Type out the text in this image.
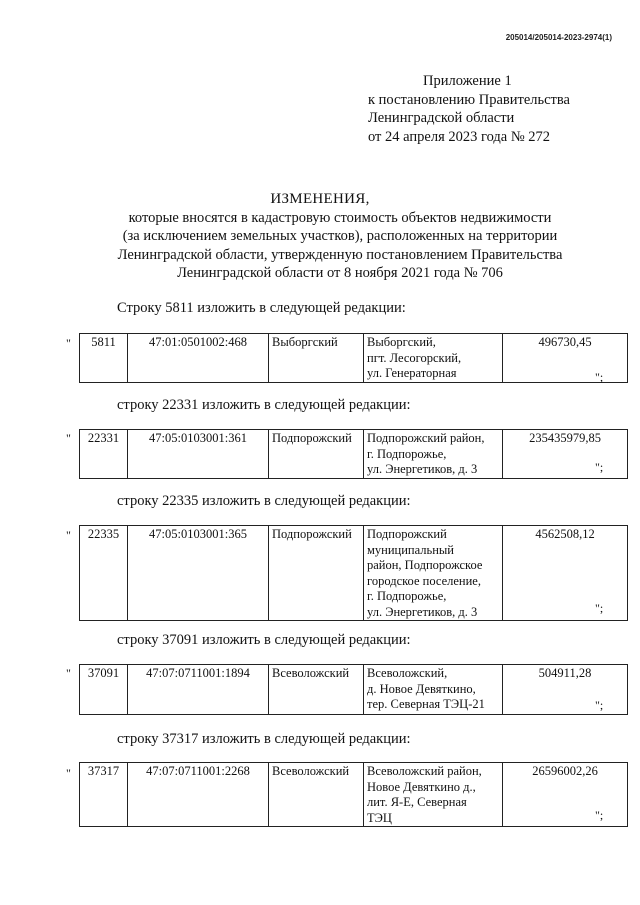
205014/205014-2023-2974(1)
Приложение 1
к постановлению Правительства
Ленинградской области
от 24 апреля 2023 года № 272
ИЗМЕНЕНИЯ,
которые вносятся в кадастровую стоимость объектов недвижимости
(за исключением земельных участков), расположенных на территории
Ленинградской области, утвержденную постановлением Правительства
Ленинградской области от 8 ноября 2021 года № 706
Строку 5811 изложить в следующей редакции:
" 5811	47:01:0501002:468	Выборгский	Выборгский,
пгт. Лесогорский,
ул. Генераторная
	496730,45
";
строку 22331 изложить в следующей редакции:
" 22331	47:05:0103001:361	Подпорожский	Подпорожский район,
г. Подпорожье,
ул. Энергетиков, д. 3
	235435979,85
";
строку 22335 изложить в следующей редакции:
" 22335	47:05:0103001:365	Подпорожский	Подпорожский
муниципальный
район, Подпорожское
городское поселение,
г. Подпорожье,
ул. Энергетиков, д. 3
	4562508,12
";
строку 37091 изложить в следующей редакции:
" 37091	47:07:0711001:1894	Всеволожский	Всеволожский,
д. Новое Девяткино,
тер. Северная ТЭЦ-21
	504911,28
";
строку 37317 изложить в следующей редакции:
" 37317	47:07:0711001:2268	Всеволожский	Всеволожский район,
Новое Девяткино д.,
лит. Я-Е, Северная
ТЭЦ
	26596002,26
";
